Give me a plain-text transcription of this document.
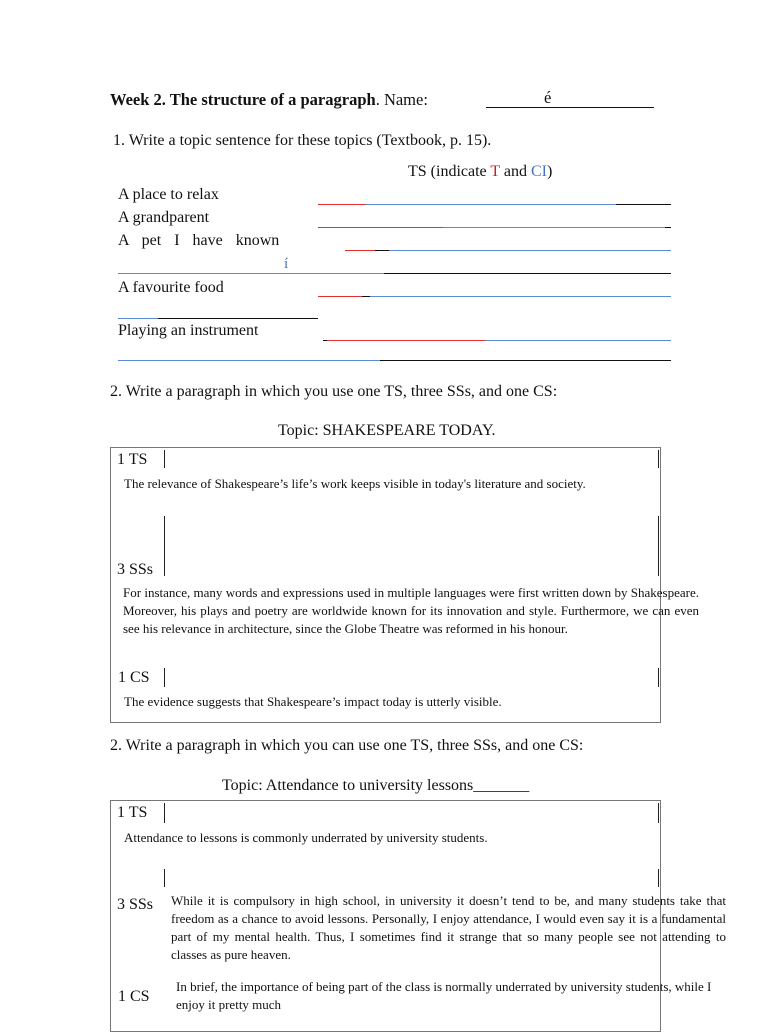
Week 2. The structure of a paragraph. Name:	é
1. Write a topic sentence for these topics (Textbook, p. 15).
TS (indicate T and CI)
A place to relax
A grandparent
A pet I have known
í
A favourite food
Playing an instrument
2. Write a paragraph in which you use one TS, three SSs, and one CS:
Topic: SHAKESPEARE TODAY.
1 TS
The relevance of Shakespeare’s life’s work keeps visible in today's literature and society.
3 SSs
For instance, many words and expressions used in multiple languages were first written down by Shakespeare. Moreover, his plays and poetry are worldwide known for its innovation and style. Furthermore, we can even see his relevance in architecture, since the Globe Theatre was reformed in his honour.
1 CS
The evidence suggests that Shakespeare’s impact today is utterly visible.
2. Write a paragraph in which you can use one TS, three SSs, and one CS:
Topic: Attendance to university lessons_______
1 TS
Attendance to lessons is commonly underrated by university students.
3 SSs While it is compulsory in high school, in university it doesn’t tend to be, and many students take that freedom as a chance to avoid lessons. Personally, I enjoy attendance, I would even say it is a fundamental part of my mental health. Thus, I sometimes find it strange that so many people see not attending to classes as pure heaven.
1 CS
In brief, the importance of being part of the class is normally underrated by university students, while I enjoy it pretty much
